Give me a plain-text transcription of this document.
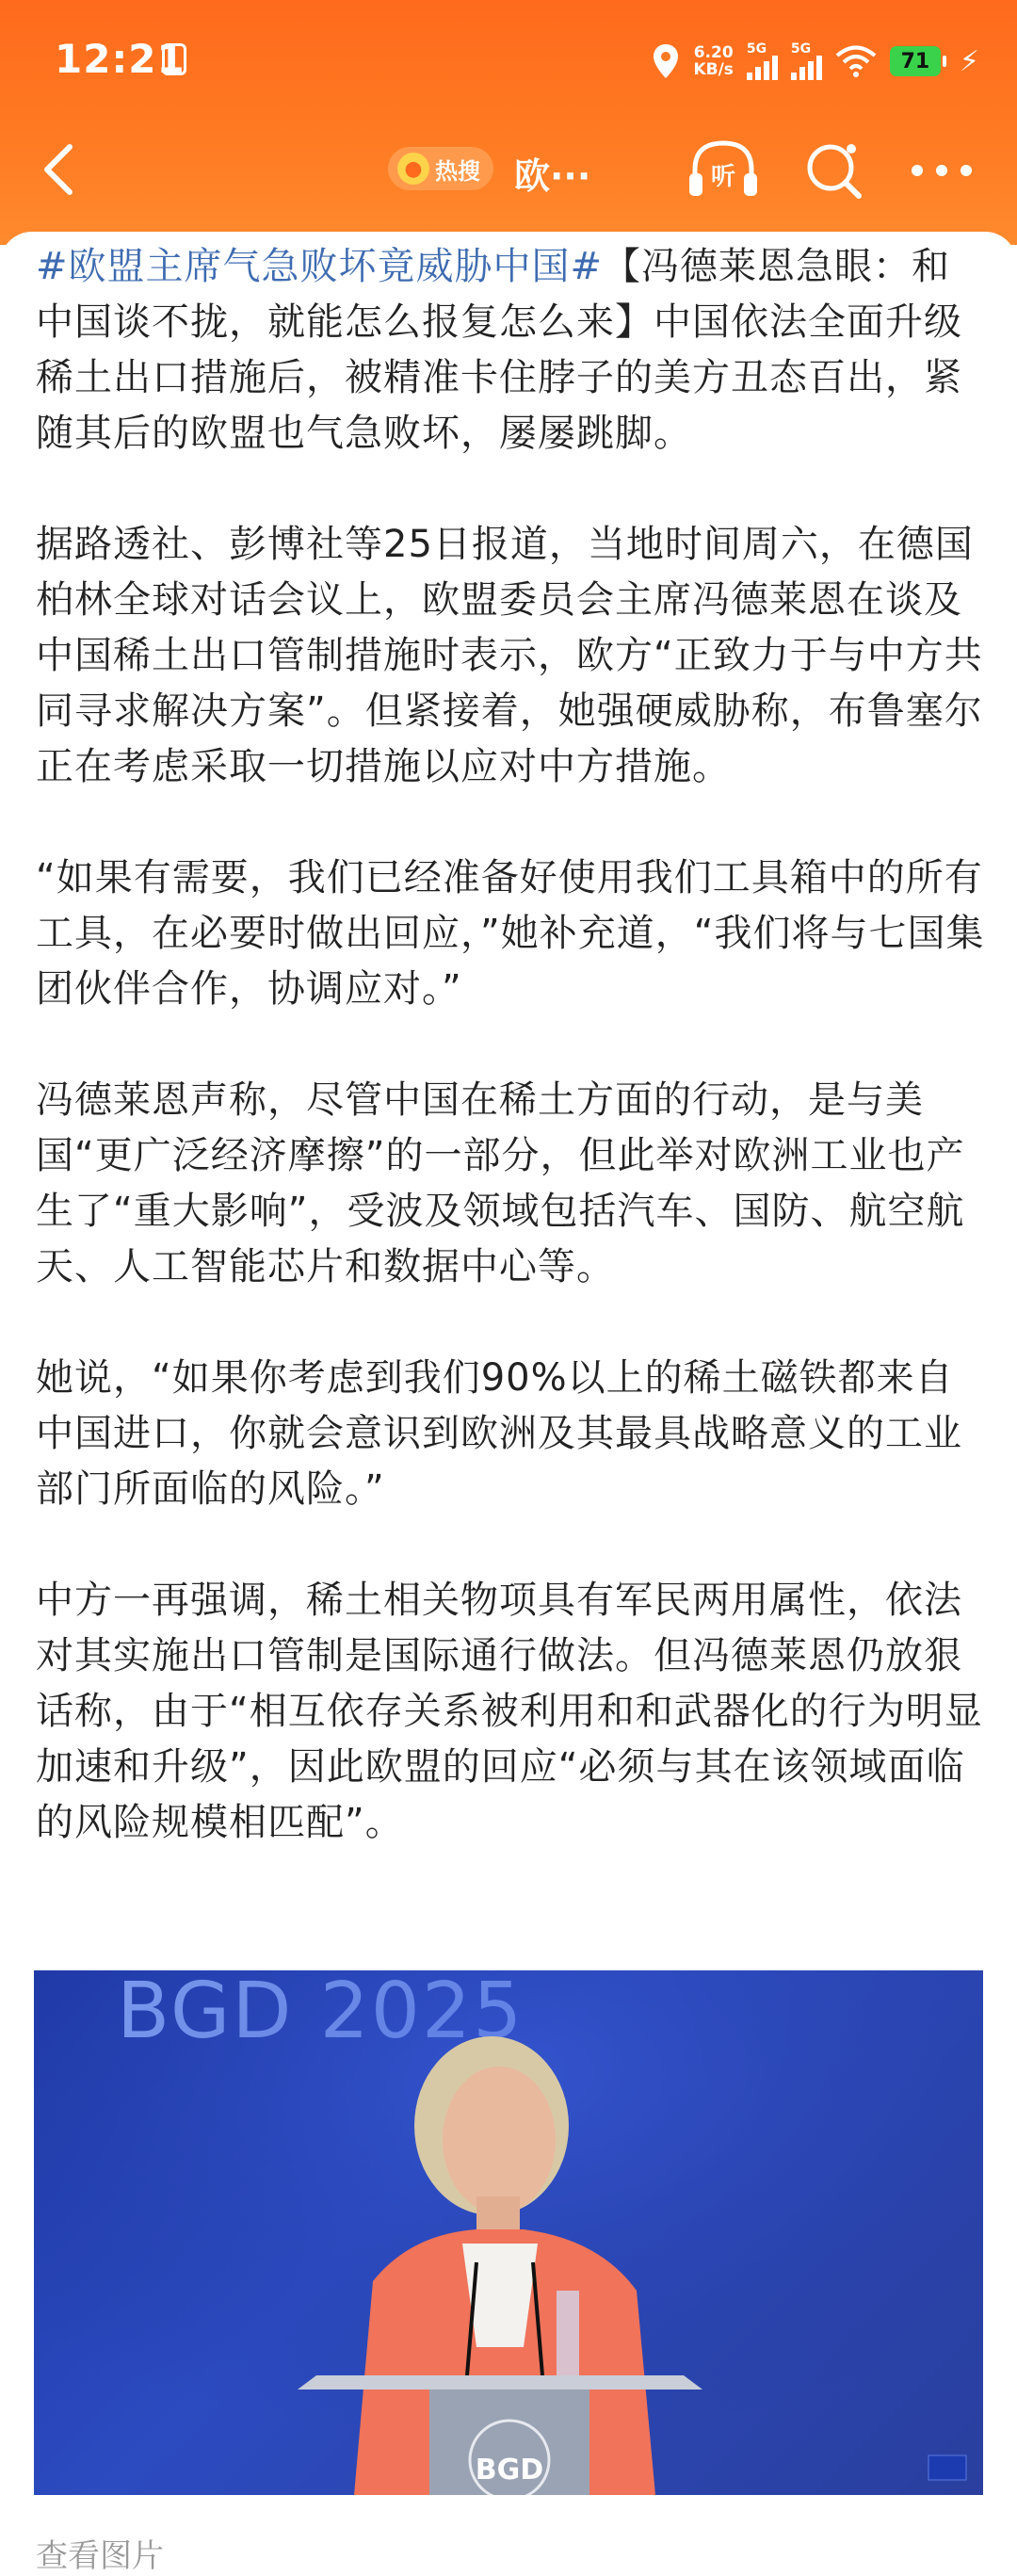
12:21	6.20
KB/s
5G 5G
71 ⚡
● 热搜 欧···	听

#欧盟主席气急败坏竟威胁中国#【冯德莱恩急眼：和中国谈不拢，就能怎么报复怎么来】中国依法全面升级稀土出口措施后，被精准卡住脖子的美方丑态百出，紧随其后的欧盟也气急败坏，屡屡跳脚。

据路透社、彭博社等25日报道，当地时间周六，在德国柏林全球对话会议上，欧盟委员会主席冯德莱恩在谈及中国稀土出口管制措施时表示，欧方“正致力于与中方共同寻求解决方案”。但紧接着，她强硬威胁称，布鲁塞尔正在考虑采取一切措施以应对中方措施。

“如果有需要，我们已经准备好使用我们工具箱中的所有工具，在必要时做出回应，”她补充道，“我们将与七国集团伙伴合作，协调应对。”

冯德莱恩声称，尽管中国在稀土方面的行动，是与美国“更广泛经济摩擦”的一部分，但此举对欧洲工业也产生了“重大影响”，受波及领域包括汽车、国防、航空航天、人工智能芯片和数据中心等。

她说，“如果你考虑到我们90%以上的稀土磁铁都来自中国进口，你就会意识到欧洲及其最具战略意义的工业部门所面临的风险。”

中方一再强调，稀土相关物项具有军民两用属性，依法对其实施出口管制是国际通行做法。但冯德莱恩仍放狠话称，由于“相互依存关系被利用和和武器化的行为明显加速和升级”，因此欧盟的回应“必须与其在该领域面临的风险规模相匹配”。

BGD
查看图片
